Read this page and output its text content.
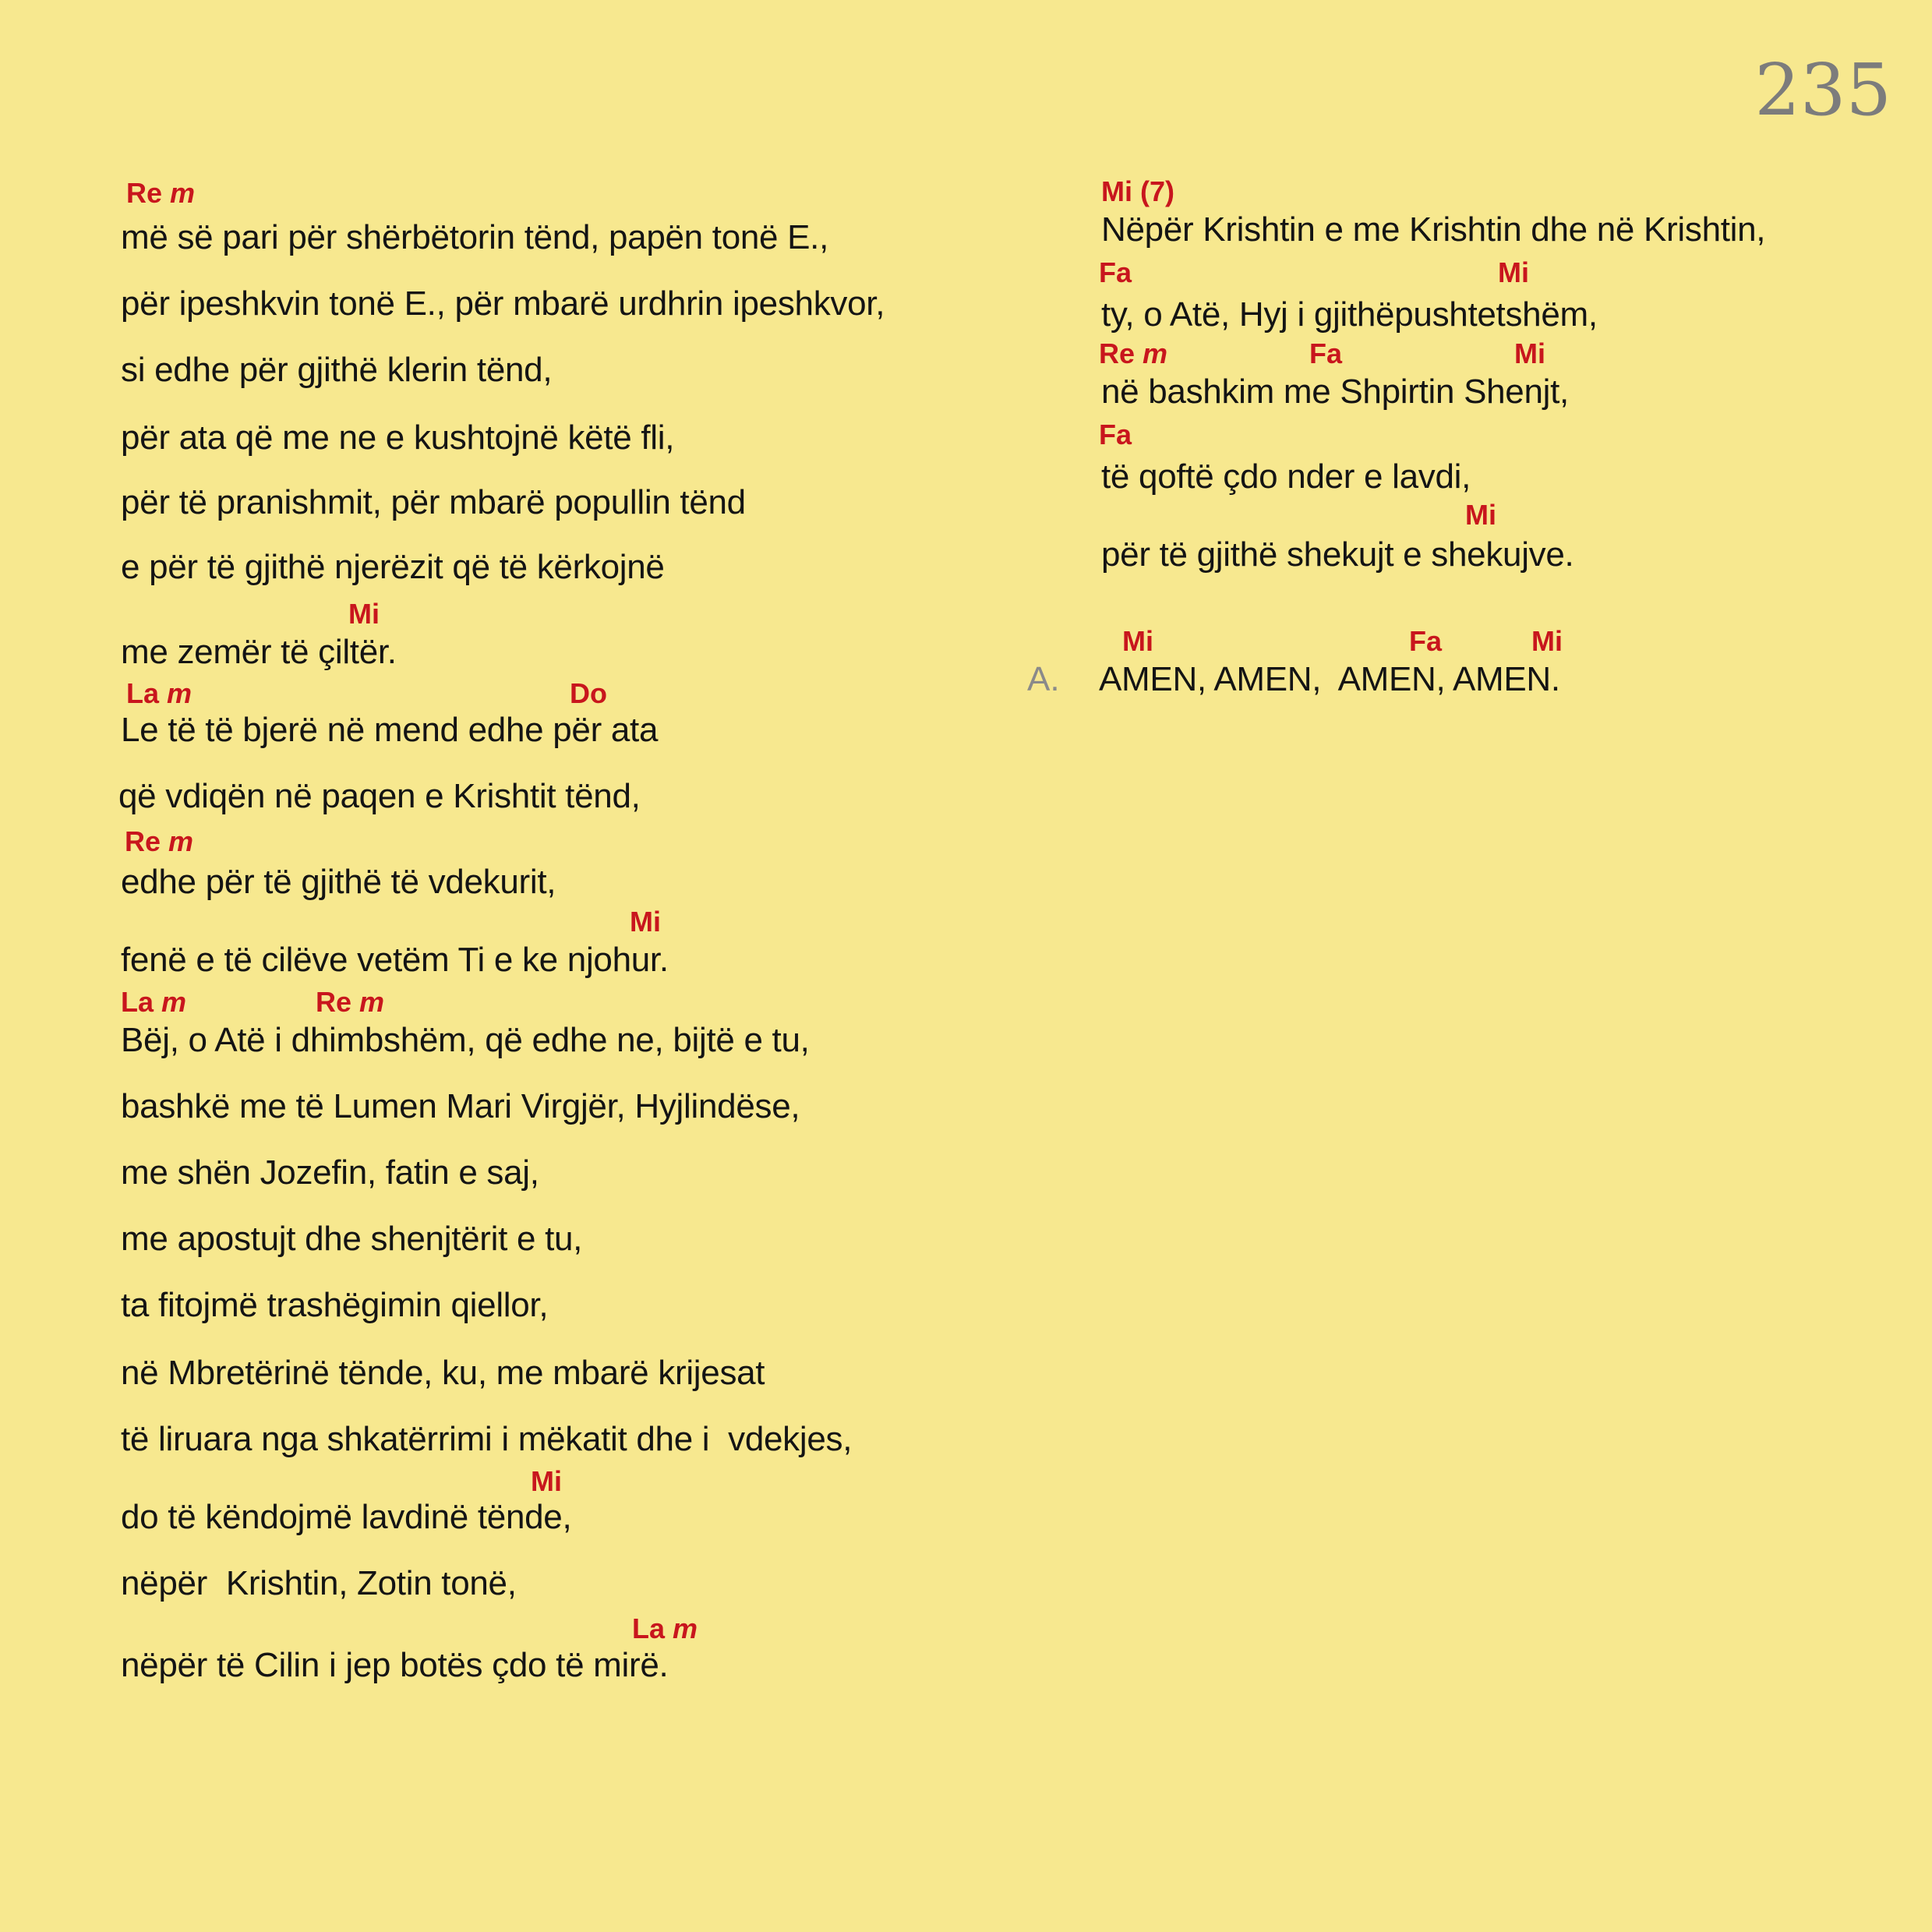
235
më së pari për shërbëtorin tënd, papën tonë E.,
për ipeshkvin tonë E., për mbarë urdhrin ipeshkvor,
si edhe për gjithë klerin tënd,
për ata që me ne e kushtojnë këtë fli,
për të pranishmit, për mbarë popullin tënd
e për të gjithë njerëzit që të kërkojnë
me zemër të çiltër.
Le të të bjerë në mend edhe për ata
që vdiqën në paqen e Krishtit tënd,
edhe për të gjithë të vdekurit,
fenë e të cilëve vetëm Ti e ke njohur.
Bëj, o Atë i dhimbshëm, që edhe ne, bijtë e tu,
bashkë me të Lumen Mari Virgjër, Hyjlindëse,
me shën Jozefin, fatin e saj,
me apostujt dhe shenjtërit e tu,
ta fitojmë trashëgimin qiellor,
në Mbretërinë tënde, ku, me mbarë krijesat
të liruara nga shkatërrimi i mëkatit dhe i  vdekjes,
do të këndojmë lavdinë tënde,
nëpër  Krishtin, Zotin tonë,
nëpër të Cilin i jep botës çdo të mirë.
Re m
Mi
La m	Do
Re m
Mi
La m	Re m
Mi
La m
Nëpër Krishtin e me Krishtin dhe në Krishtin,
ty, o Atë, Hyj i gjithëpushtetshëm,
në bashkim me Shpirtin Shenjt,
të qoftë çdo nder e lavdi,
për të gjithë shekujt e shekujve.
Mi (7)
Fa	Mi
Re m	Fa	Mi
Fa
Mi
A. AMEN, AMEN,  AMEN, AMEN.
Mi	Fa	Mi
